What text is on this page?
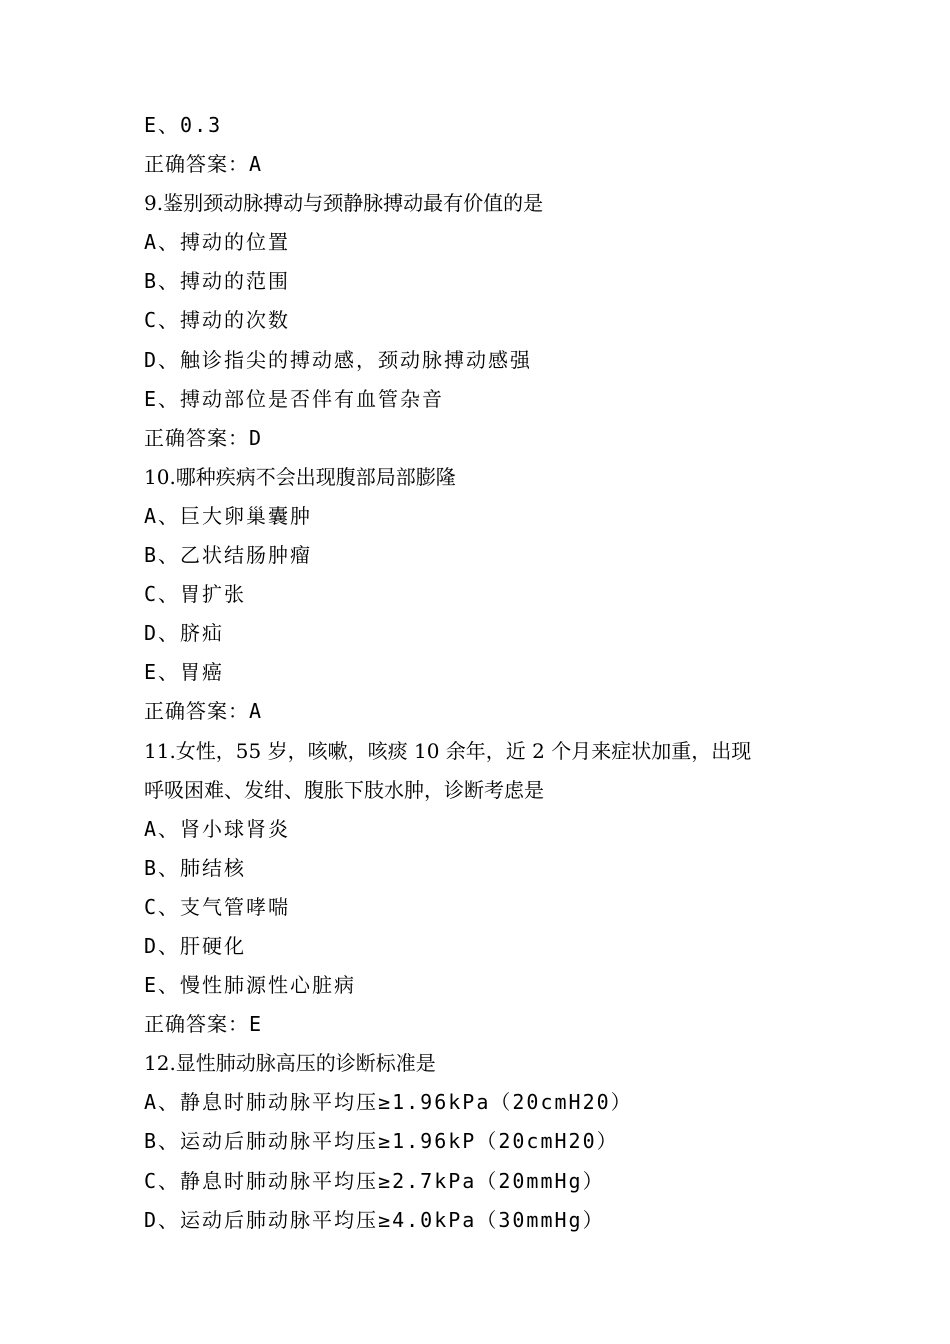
E、0.3
正确答案：A
9.鉴别颈动脉搏动与颈静脉搏动最有价值的是
A、搏动的位置
B、搏动的范围
C、搏动的次数
D、触诊指尖的搏动感，颈动脉搏动感强
E、搏动部位是否伴有血管杂音
正确答案：D
10.哪种疾病不会出现腹部局部膨隆
A、巨大卵巢囊肿
B、乙状结肠肿瘤
C、胃扩张
D、脐疝
E、胃癌
正确答案：A
11.女性，55 岁，咳嗽，咳痰 10 余年，近 2 个月来症状加重，出现
呼吸困难、发绀、腹胀下肢水肿，诊断考虑是
A、肾小球肾炎
B、肺结核
C、支气管哮喘
D、肝硬化
E、慢性肺源性心脏病
正确答案：E
12.显性肺动脉高压的诊断标准是
A、静息时肺动脉平均压≥1.96kPa（20cmH20）
B、运动后肺动脉平均压≥1.96kP（20cmH20）
C、静息时肺动脉平均压≥2.7kPa（20mmHg）
D、运动后肺动脉平均压≥4.0kPa（30mmHg）
